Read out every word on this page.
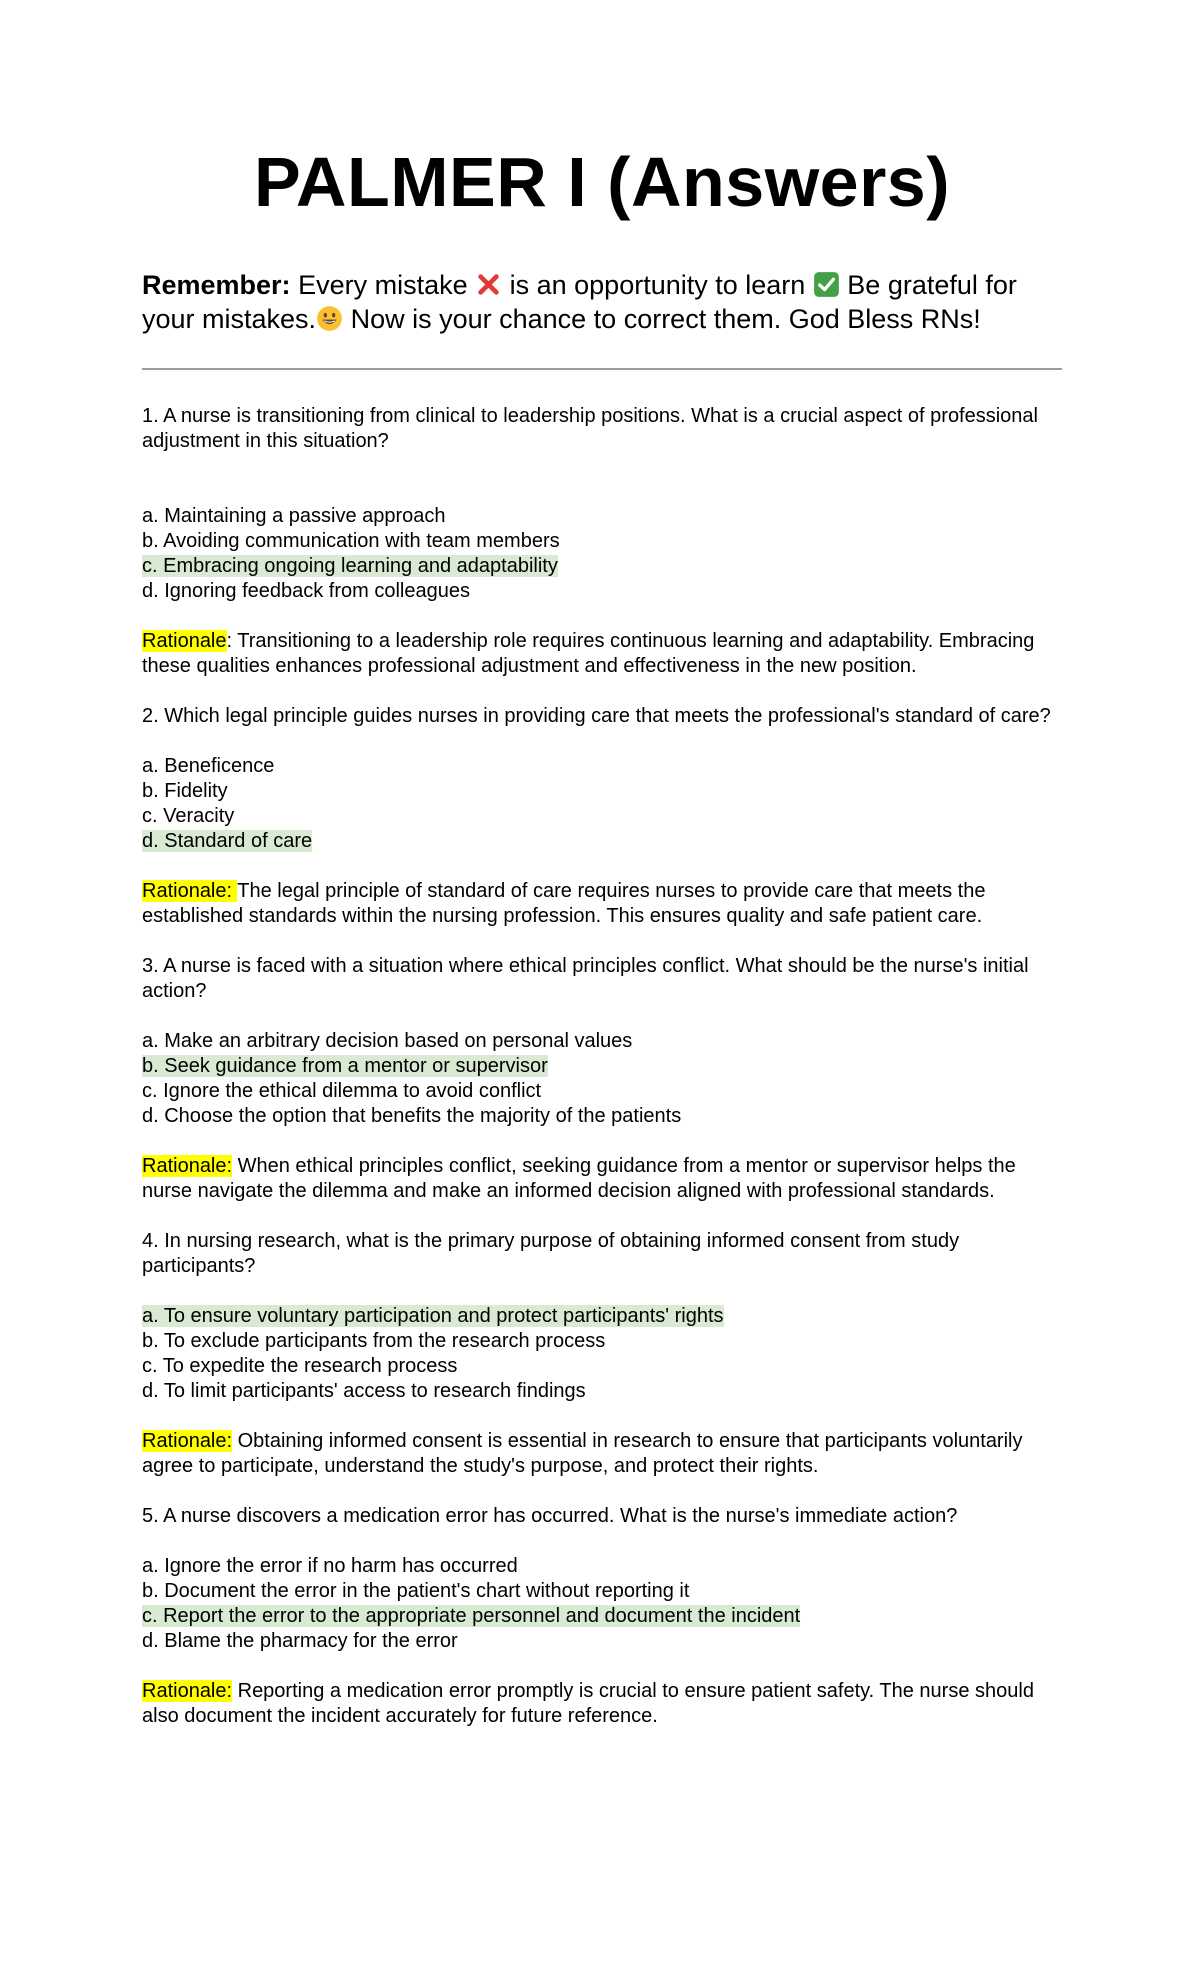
PALMER I (Answers)
Remember: Every mistake
is an opportunity to learn
Be grateful for your mistakes.
Now is your chance to correct them. God Bless RNs!

1. A nurse is transitioning from clinical to leadership positions. What is a crucial aspect of professional adjustment in this situation?

a. Maintaining a passive approach
b. Avoiding communication with team members
c. Embracing ongoing learning and adaptability
d. Ignoring feedback from colleagues

Rationale: Transitioning to a leadership role requires continuous learning and adaptability. Embracing these qualities enhances professional adjustment and effectiveness in the new position.

2. Which legal principle guides nurses in providing care that meets the professional's standard of care?

a. Beneficence
b. Fidelity
c. Veracity
d. Standard of care

Rationale: The legal principle of standard of care requires nurses to provide care that meets the established standards within the nursing profession. This ensures quality and safe patient care.

3. A nurse is faced with a situation where ethical principles conflict. What should be the nurse's initial action?

a. Make an arbitrary decision based on personal values
b. Seek guidance from a mentor or supervisor
c. Ignore the ethical dilemma to avoid conflict
d. Choose the option that benefits the majority of the patients

Rationale: When ethical principles conflict, seeking guidance from a mentor or supervisor helps the nurse navigate the dilemma and make an informed decision aligned with professional standards.

4. In nursing research, what is the primary purpose of obtaining informed consent from study participants?

a. To ensure voluntary participation and protect participants' rights
b. To exclude participants from the research process
c. To expedite the research process
d. To limit participants' access to research findings

Rationale: Obtaining informed consent is essential in research to ensure that participants voluntarily agree to participate, understand the study's purpose, and protect their rights.

5. A nurse discovers a medication error has occurred. What is the nurse's immediate action?

a. Ignore the error if no harm has occurred
b. Document the error in the patient's chart without reporting it
c. Report the error to the appropriate personnel and document the incident
d. Blame the pharmacy for the error

Rationale: Reporting a medication error promptly is crucial to ensure patient safety. The nurse should also document the incident accurately for future reference.
